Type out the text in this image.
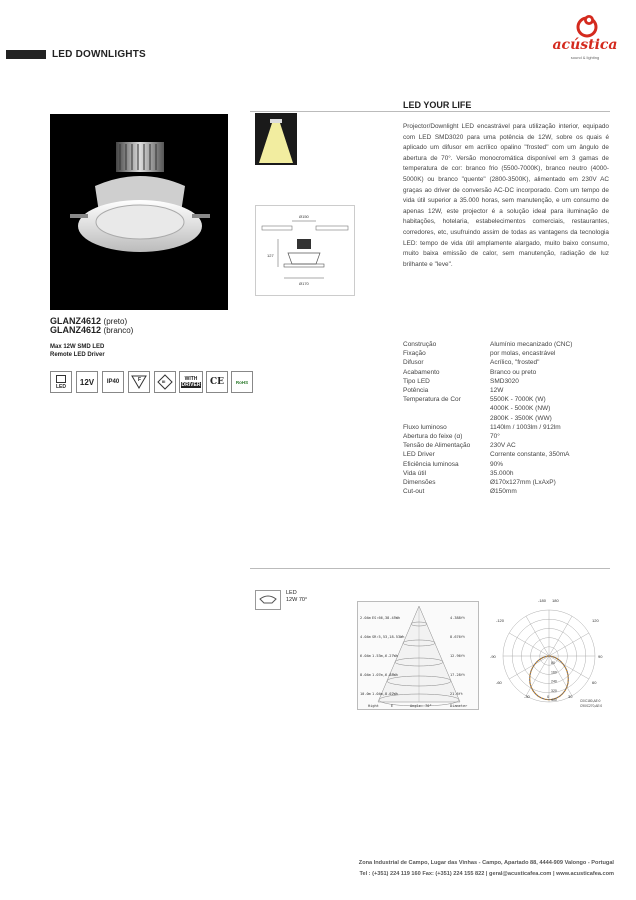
LED DOWNLIGHTS
acústica
sound & lighting
Ø150
127
Ø170
GLANZ4612 (preto)
GLANZ4612 (branco)
Max 12W SMD LED
Remote LED Driver
LED	12V	IP40	F	III	WITH
DRIVER	CE	RoHS
LED YOUR LIFE
Projector/Downlight LED encastrável para utilização interior, equipado com LED SMD3020 para uma potência de 12W, sobre os quais é aplicado um difusor em acrílico opalino "frosted" com um ângulo de abertura de 70°. Versão monocromática disponível em 3 gamas de temperatura de cor: branco frio (5500-7000K), branco neutro (4000-5000K) ou branco "quente" (2800-3500K), alimentado em 230V AC graças ao driver de conversão AC-DC incorporado. Com um tempo de vida útil superior a 35.000 horas, sem manutenção, e um consumo de apenas 12W, este projector é a solução ideal para iluminação de habitações, hotelaria, estabelecimentos comerciais, restaurantes, corredores, etc, usufruindo assim de todas as vantagens da tecnologia LED: tempo de vida útil amplamente alargado, muito baixo consumo, muito baixa emissão de calor, sem manutenção, radiação de luz brilhante e "leve".
Construção	Alumínio mecanizado (CNC)
Fixação	por molas, encastrável
Difusor	Acrílico, "frosted"
Acabamento	Branco ou preto
Tipo LED	SMD3020
Potência	12W
Temperatura de Cor	5500K - 7000K (W)
4000K - 5000K (NW)
2800K - 3500K (WW)
Fluxo luminoso	1140lm / 1003lm / 912lm
Abertura do feixe (α)	70°
Tensão de Alimentação	230V AC
LED Driver	Corrente constante, 350mA
Eficiência luminosa	90%
Vida útil	35.000h
Dimensões	Ø170x127mm (LxAxP)
Cut-out	Ø150mm
LED
12W 70°
2.04m ES:66,38.45Wh	4.388ft
4.04m SR:5,53,18.53Wh	8.676ft
6.04m 1.53m,6.27Wh	12.96ft
8.04m 1.07m,6.88Wh	17.28ft
10.0m 1.04m,8.02Wh	21.6ft
Hight	E	Angle: 70°	Diameter
-180 180
-120	120
-90	90
-60	60
-30	0	30
80
160
240
320
400	C0/C180,ΔE:0
C90/C270,ΔE:0
Zona Industrial de Campo, Lugar das Vinhas - Campo, Apartado 88, 4444-909 Valongo - Portugal
Tel : (+351) 224 119 160 Fax: (+351) 224 155 822 | geral@acusticafea.com | www.acusticafea.com
